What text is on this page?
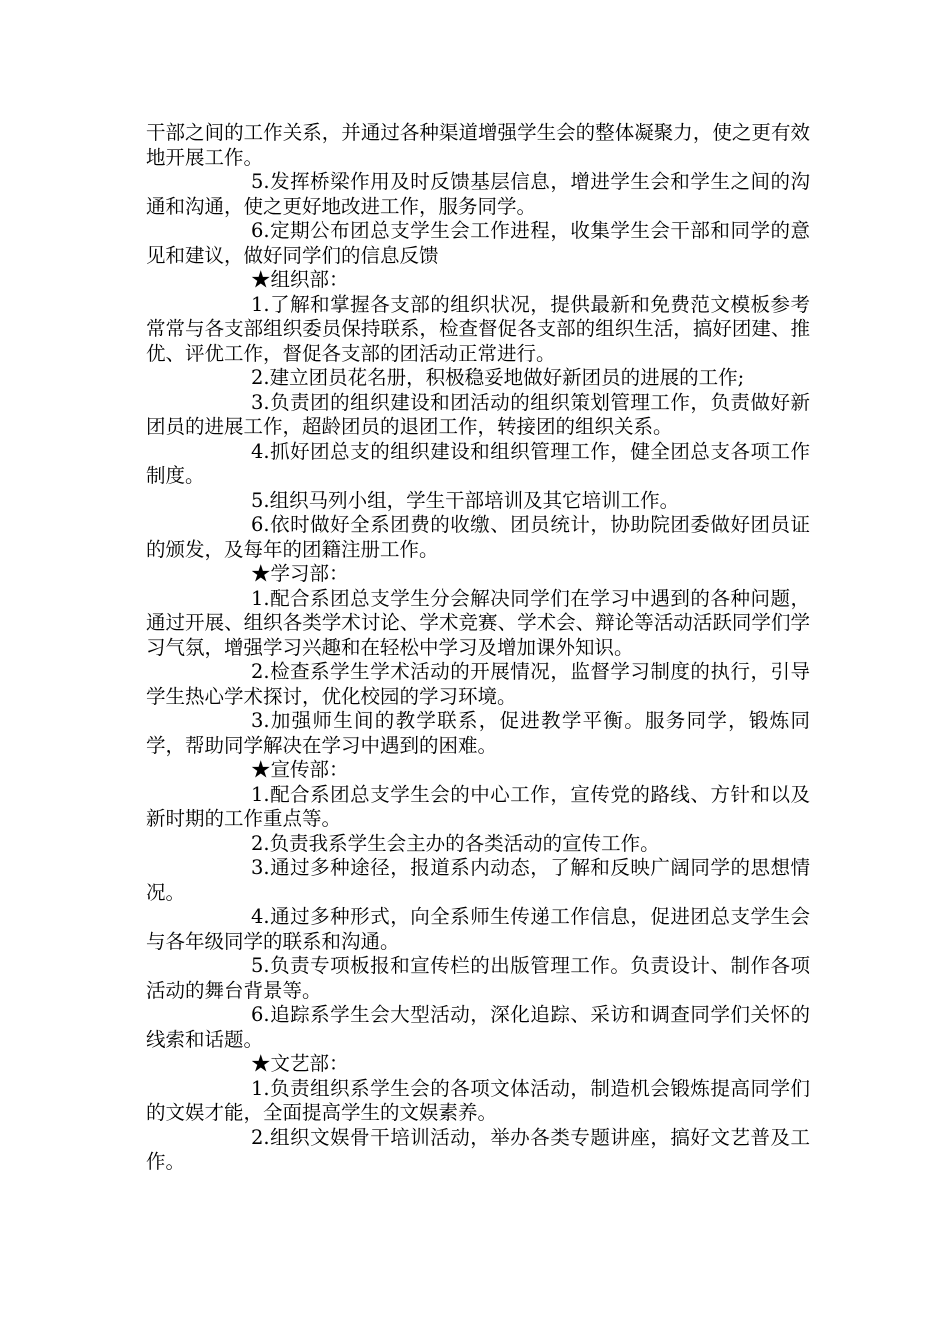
干部之间的工作关系，并通过各种渠道增强学生会的整体凝聚力，使之更有效地开展工作。

5.发挥桥梁作用及时反馈基层信息，增进学生会和学生之间的沟通和沟通，使之更好地改进工作，服务同学。

6.定期公布团总支学生会工作进程，收集学生会干部和同学的意见和建议，做好同学们的信息反馈

★组织部：

1.了解和掌握各支部的组织状况，提供最新和免费范文模板参考 常常与各支部组织委员保持联系，检查督促各支部的组织生活，搞好团建、推优、评优工作，督促各支部的团活动正常进行。

2.建立团员花名册，积极稳妥地做好新团员的进展的工作;

3.负责团的组织建设和团活动的组织策划管理工作，负责做好新团员的进展工作，超龄团员的退团工作，转接团的组织关系。

4.抓好团总支的组织建设和组织管理工作，健全团总支各项工作制度。

5.组织马列小组，学生干部培训及其它培训工作。

6.依时做好全系团费的收缴、团员统计，协助院团委做好团员证的颁发，及每年的团籍注册工作。

★学习部：

1.配合系团总支学生分会解决同学们在学习中遇到的各种问题，通过开展、组织各类学术讨论、学术竞赛、学术会、辩论等活动活跃同学们学习气氛，增强学习兴趣和在轻松中学习及增加课外知识。

2.检查系学生学术活动的开展情况，监督学习制度的执行，引导学生热心学术探讨，优化校园的学习环境。

3.加强师生间的教学联系，促进教学平衡。服务同学，锻炼同学，帮助同学解决在学习中遇到的困难。

★宣传部：

1.配合系团总支学生会的中心工作，宣传党的路线、方针和以及新时期的工作重点等。

2.负责我系学生会主办的各类活动的宣传工作。

3.通过多种途径，报道系内动态，了解和反映广阔同学的思想情况。

4.通过多种形式，向全系师生传递工作信息，促进团总支学生会与各年级同学的联系和沟通。

5.负责专项板报和宣传栏的出版管理工作。负责设计、制作各项活动的舞台背景等。

6.追踪系学生会大型活动，深化追踪、采访和调查同学们关怀的线索和话题。

★文艺部：

1.负责组织系学生会的各项文体活动，制造机会锻炼提高同学们的文娱才能，全面提高学生的文娱素养。

2.组织文娱骨干培训活动，举办各类专题讲座，搞好文艺普及工作。
